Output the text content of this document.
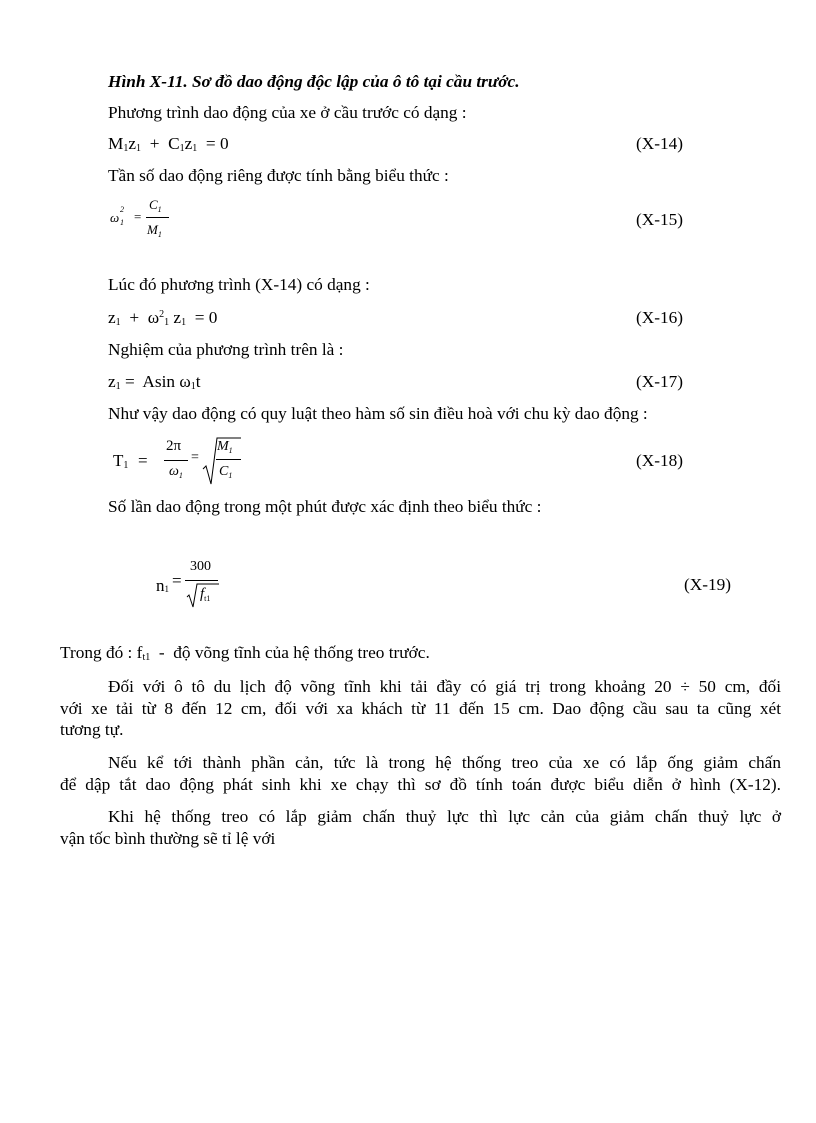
Hình X-11. Sơ đồ dao động độc lập của ô tô tại cầu trước.
Phương trình dao động của xe ở cầu trước có dạng :
$M_1z_1 + C_1z_1 = 0$	(X-14)
Tần số dao động riêng được tính bằng biểu thức :
ω
2
1 =
$C_1$
$M_1$
(X-15)
Lúc đó phương trình (X-14) có dạng :
$z_1 + \omega^2_1$ $z_1 = 0$	(X-16)
Nghiệm của phương trình trên là :
$z_1 = Asin$ $\omega_1t$	(X-17)
Như vậy dao động có quy luật theo hàm số sin điều hoà với chu kỳ dao động :
$T_1$ =
2π
$\omega_1$
=
$M_1$
$C_1$
(X-18)
Số lần dao động trong một phút được xác định theo biểu thức :
n1 =
300
$f_{t1}$
(X-19)
Trong đó : $f_{t1}$  -  độ võng tĩnh của hệ thống treo trước.
Đối với ô tô du lịch độ võng tĩnh khi tải đầy có giá trị trong khoảng 20 ÷ 50 cm, đối
với xe tải từ 8 đến 12 cm, đối với xa khách từ 11 đến 15 cm. Dao động cầu sau ta cũng xét
tương tự.
Nếu kể tới thành phần cản, tức là trong hệ thống treo của xe có lắp ống giảm chấn
để dập tắt dao động phát sinh khi xe chạy thì sơ đồ tính toán được biểu diễn ở hình (X-12).
Khi hệ thống treo có lắp giảm chấn thuỷ lực thì lực cản của giảm chấn thuỷ lực ở
vận tốc bình thường sẽ tỉ lệ với
